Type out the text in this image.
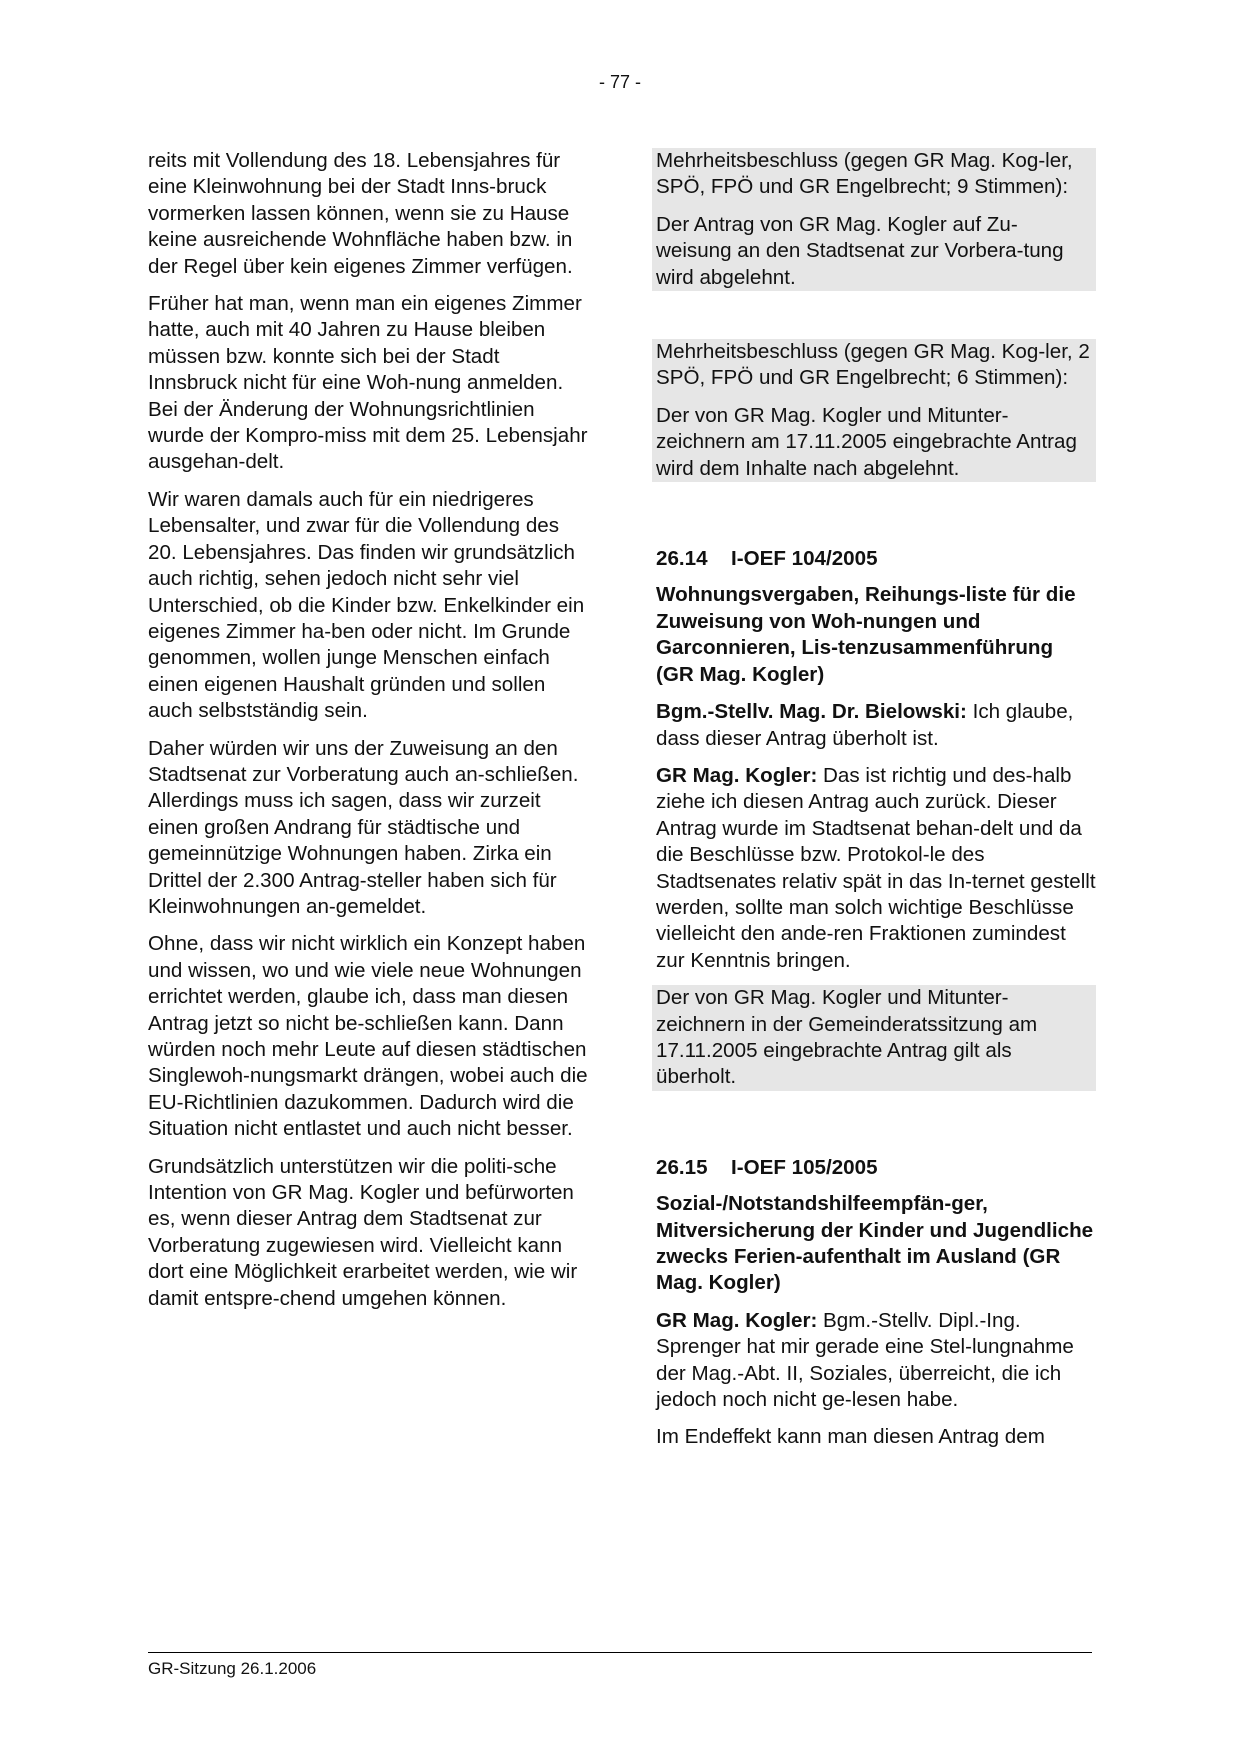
- 77 -

reits mit Vollendung des 18. Lebensjahres für eine Kleinwohnung bei der Stadt Inns-bruck vormerken lassen können, wenn sie zu Hause keine ausreichende Wohnfläche haben bzw. in der Regel über kein eigenes Zimmer verfügen.

Früher hat man, wenn man ein eigenes Zimmer hatte, auch mit 40 Jahren zu Hause bleiben müssen bzw. konnte sich bei der Stadt Innsbruck nicht für eine Woh-nung anmelden. Bei der Änderung der Wohnungsrichtlinien wurde der Kompro-miss mit dem 25. Lebensjahr ausgehan-delt.

Wir waren damals auch für ein niedrigeres Lebensalter, und zwar für die Vollendung des 20. Lebensjahres. Das finden wir grundsätzlich auch richtig, sehen jedoch nicht sehr viel Unterschied, ob die Kinder bzw. Enkelkinder ein eigenes Zimmer ha-ben oder nicht. Im Grunde genommen, wollen junge Menschen einfach einen eigenen Haushalt gründen und sollen auch selbstständig sein.

Daher würden wir uns der Zuweisung an den Stadtsenat zur Vorberatung auch an-schließen. Allerdings muss ich sagen, dass wir zurzeit einen großen Andrang für städtische und gemeinnützige Wohnungen haben. Zirka ein Drittel der 2.300 Antrag-steller haben sich für Kleinwohnungen an-gemeldet.

Ohne, dass wir nicht wirklich ein Konzept haben und wissen, wo und wie viele neue Wohnungen errichtet werden, glaube ich, dass man diesen Antrag jetzt so nicht be-schließen kann. Dann würden noch mehr Leute auf diesen städtischen Singlewoh-nungsmarkt drängen, wobei auch die EU-Richtlinien dazukommen. Dadurch wird die Situation nicht entlastet und auch nicht besser.

Grundsätzlich unterstützen wir die politi-sche Intention von GR Mag. Kogler und befürworten es, wenn dieser Antrag dem Stadtsenat zur Vorberatung zugewiesen wird. Vielleicht kann dort eine Möglichkeit erarbeitet werden, wie wir damit entspre-chend umgehen können.

Mehrheitsbeschluss (gegen GR Mag. Kog-ler, SPÖ, FPÖ und GR Engelbrecht; 9 Stimmen):

Der Antrag von GR Mag. Kogler auf Zu-weisung an den Stadtsenat zur Vorbera-tung wird abgelehnt.

Mehrheitsbeschluss (gegen GR Mag. Kog-ler, 2 SPÖ, FPÖ und GR Engelbrecht; 6 Stimmen):

Der von GR Mag. Kogler und Mitunter-zeichnern am 17.11.2005 eingebrachte Antrag wird dem Inhalte nach abgelehnt.

26.14	I-OEF 104/2005

Wohnungsvergaben, Reihungs-liste für die Zuweisung von Woh-nungen und Garconnieren, Lis-tenzusammenführung (GR Mag. Kogler)

Bgm.-Stellv. Mag. Dr. Bielowski: Ich glaube, dass dieser Antrag überholt ist.

GR Mag. Kogler: Das ist richtig und des-halb ziehe ich diesen Antrag auch zurück. Dieser Antrag wurde im Stadtsenat behan-delt und da die Beschlüsse bzw. Protokol-le des Stadtsenates relativ spät in das In-ternet gestellt werden, sollte man solch wichtige Beschlüsse vielleicht den ande-ren Fraktionen zumindest zur Kenntnis bringen.

Der von GR Mag. Kogler und Mitunter-zeichnern in der Gemeinderatssitzung am 17.11.2005 eingebrachte Antrag gilt als überholt.

26.15	I-OEF 105/2005

Sozial-/Notstandshilfeempfän-ger, Mitversicherung der Kinder und Jugendliche zwecks Ferien-aufenthalt im Ausland (GR Mag. Kogler)

GR Mag. Kogler: Bgm.-Stellv. Dipl.-Ing. Sprenger hat mir gerade eine Stel-lungnahme der Mag.-Abt. II, Soziales, überreicht, die ich jedoch noch nicht ge-lesen habe.

Im Endeffekt kann man diesen Antrag dem

GR-Sitzung 26.1.2006
